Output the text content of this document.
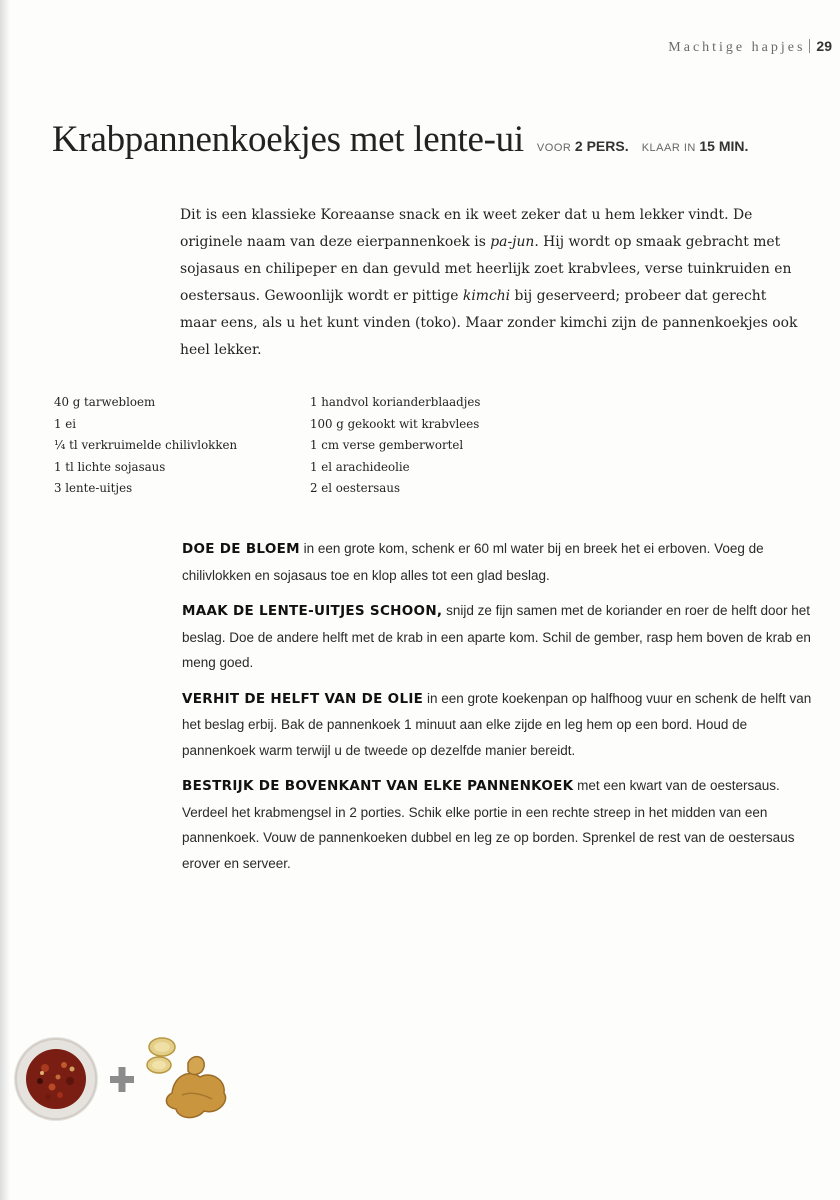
Machtige hapjes 29
Krabpannenkoekjes met lente-ui VOOR 2 PERS. KLAAR IN 15 MIN.

Dit is een klassieke Koreaanse snack en ik weet zeker dat u hem lekker vindt. De originele naam van deze eierpannenkoek is pa-jun. Hij wordt op smaak gebracht met sojasaus en chilipeper en dan gevuld met heerlijk zoet krabvlees, verse tuinkruiden en oestersaus. Gewoonlijk wordt er pittige kimchi bij geserveerd; probeer dat gerecht maar eens, als u het kunt vinden (toko). Maar zonder kimchi zijn de pannenkoekjes ook heel lekker.

40 g tarwebloem
1 ei
¼ tl verkruimelde chilivlokken
1 tl lichte sojasaus
3 lente-uitjes
1 handvol korianderblaadjes
100 g gekookt wit krabvlees
1 cm verse gemberwortel
1 el arachideolie
2 el oestersaus

DOE DE BLOEM in een grote kom, schenk er 60 ml water bij en breek het ei erboven. Voeg de chilivlokken en sojasaus toe en klop alles tot een glad beslag.

MAAK DE LENTE-UITJES SCHOON, snijd ze fijn samen met de koriander en roer de helft door het beslag. Doe de andere helft met de krab in een aparte kom. Schil de gember, rasp hem boven de krab en meng goed.

VERHIT DE HELFT VAN DE OLIE in een grote koekenpan op halfhoog vuur en schenk de helft van het beslag erbij. Bak de pannenkoek 1 minuut aan elke zijde en leg hem op een bord. Houd de pannenkoek warm terwijl u de tweede op dezelfde manier bereidt.

BESTRIJK DE BOVENKANT VAN ELKE PANNENKOEK met een kwart van de oestersaus. Verdeel het krabmengsel in 2 porties. Schik elke portie in een rechte streep in het midden van een pannenkoek. Vouw de pannenkoeken dubbel en leg ze op borden. Sprenkel de rest van de oestersaus erover en serveer.
